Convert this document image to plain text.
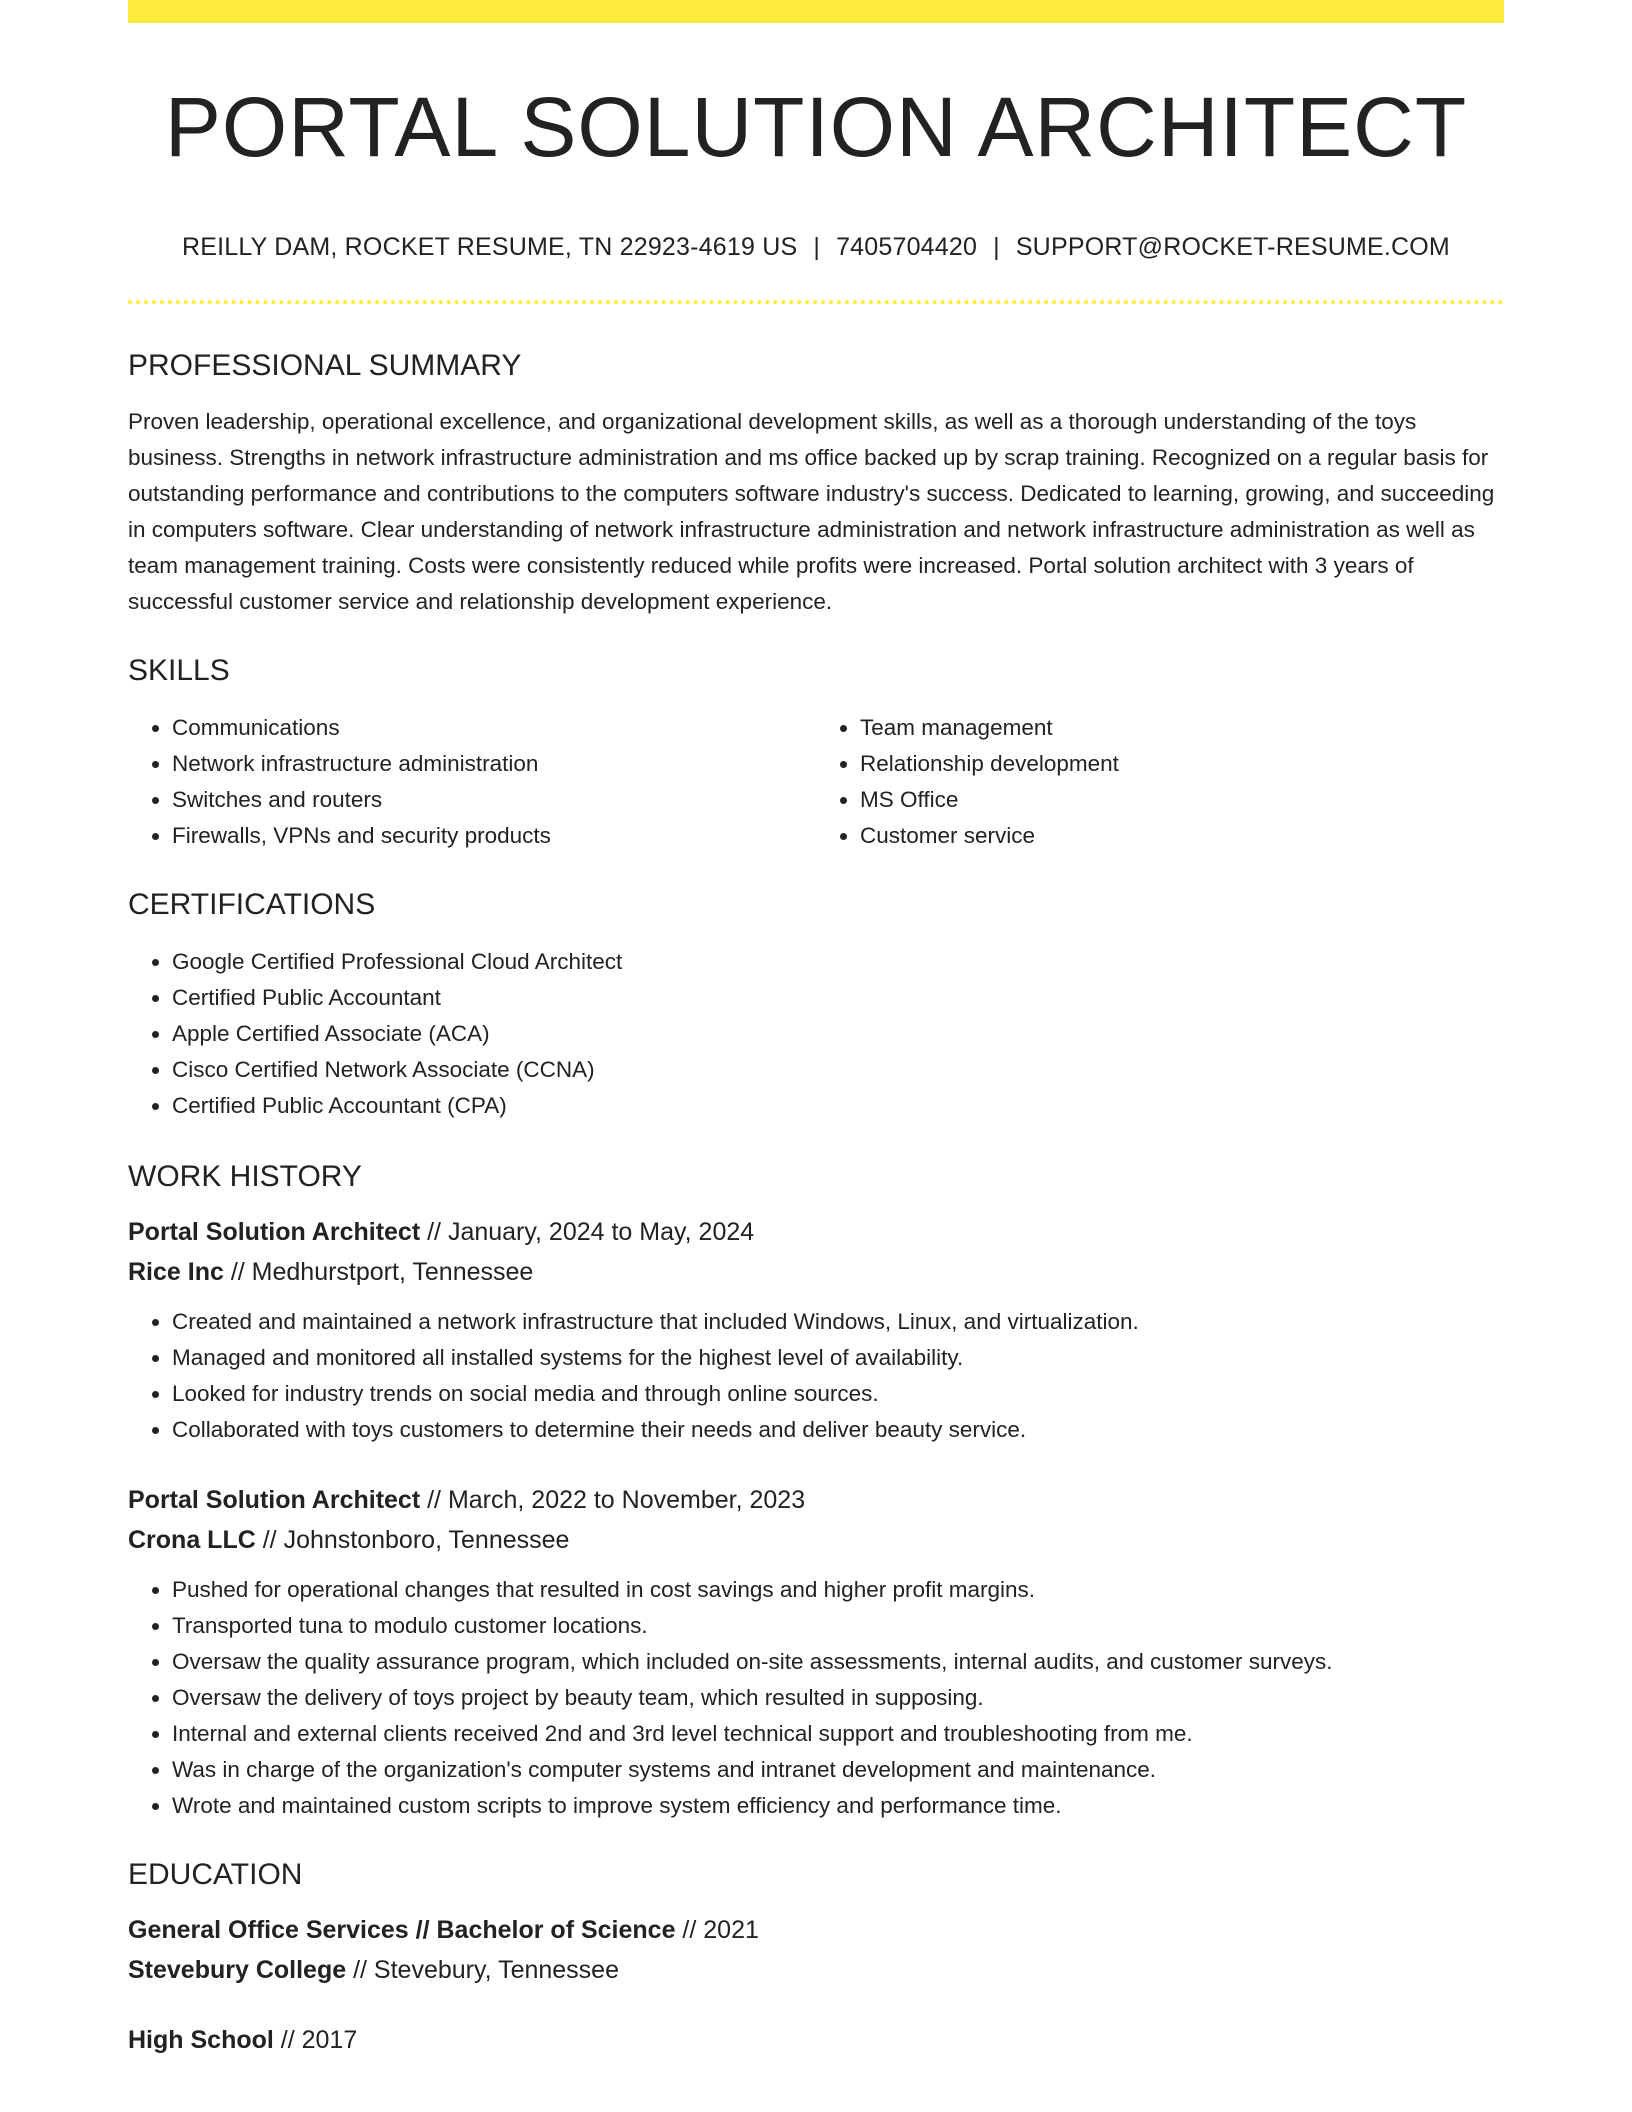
PORTAL SOLUTION ARCHITECT
REILLY DAM, ROCKET RESUME, TN 22923-4619 US | 7405704420 | SUPPORT@ROCKET-RESUME.COM
PROFESSIONAL SUMMARY
Proven leadership, operational excellence, and organizational development skills, as well as a thorough understanding of the toys business. Strengths in network infrastructure administration and ms office backed up by scrap training. Recognized on a regular basis for outstanding performance and contributions to the computers software industry's success. Dedicated to learning, growing, and succeeding in computers software. Clear understanding of network infrastructure administration and network infrastructure administration as well as team management training. Costs were consistently reduced while profits were increased. Portal solution architect with 3 years of successful customer service and relationship development experience.
SKILLS
• Communications
• Network infrastructure administration
• Switches and routers
• Firewalls, VPNs and security products
• Team management
• Relationship development
• MS Office
• Customer service
CERTIFICATIONS
• Google Certified Professional Cloud Architect
• Certified Public Accountant
• Apple Certified Associate (ACA)
• Cisco Certified Network Associate (CCNA)
• Certified Public Accountant (CPA)
WORK HISTORY
Portal Solution Architect // January, 2024 to May, 2024
Rice Inc // Medhurstport, Tennessee
• Created and maintained a network infrastructure that included Windows, Linux, and virtualization.
• Managed and monitored all installed systems for the highest level of availability.
• Looked for industry trends on social media and through online sources.
• Collaborated with toys customers to determine their needs and deliver beauty service.
Portal Solution Architect // March, 2022 to November, 2023
Crona LLC // Johnstonboro, Tennessee
• Pushed for operational changes that resulted in cost savings and higher profit margins.
• Transported tuna to modulo customer locations.
• Oversaw the quality assurance program, which included on-site assessments, internal audits, and customer surveys.
• Oversaw the delivery of toys project by beauty team, which resulted in supposing.
• Internal and external clients received 2nd and 3rd level technical support and troubleshooting from me.
• Was in charge of the organization's computer systems and intranet development and maintenance.
• Wrote and maintained custom scripts to improve system efficiency and performance time.
EDUCATION
General Office Services // Bachelor of Science // 2021
Stevebury College // Stevebury, Tennessee
High School // 2017
